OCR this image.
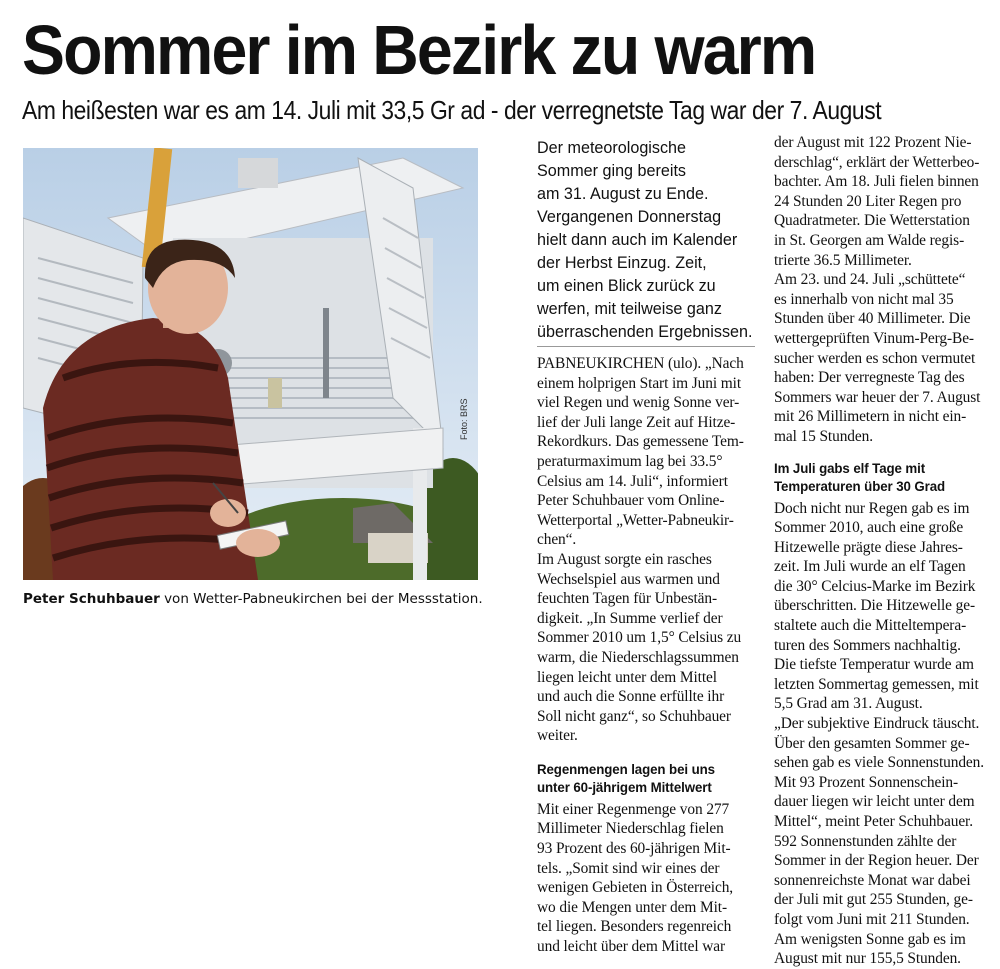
Sommer im Bezirk zu warm
Am heißesten war es am 14. Juli mit 33,5 Gr ad - der verregnetste Tag war der 7. August
Foto: BRS
Peter Schuhbauer von Wetter-Pabneukirchen bei der Messstation.

Der meteorologische

Sommer ging bereits

am 31. August zu Ende.

Vergangenen Donnerstag

hielt dann auch im Kalender

der Herbst Einzug. Zeit,

um einen Blick zurück zu

werfen, mit teilweise ganz

überraschenden Ergebnissen.

PABNEUKIRCHEN (ulo). „Nach

einem holprigen Start im Juni mit

viel Regen und wenig Sonne ver-

lief der Juli lange Zeit auf Hitze-

Rekordkurs. Das gemessene Tem-

peraturmaximum lag bei 33.5°

Celsius am 14. Juli“, informiert

Peter Schuhbauer vom Online-

Wetterportal „Wetter-Pabneukir-

chen“.

Im August sorgte ein rasches

Wechselspiel aus warmen und

feuchten Tagen für Unbestän-

digkeit. „In Summe verlief der

Sommer 2010 um 1,5° Celsius zu

warm, die Niederschlagssummen

liegen leicht unter dem Mittel

und auch die Sonne erfüllte ihr

Soll nicht ganz“, so Schuhbauer

weiter.

Regenmengen lagen bei uns

unter 60-jährigem Mittelwert

Mit einer Regenmenge von 277

Millimeter Niederschlag fielen

93 Prozent des 60-jährigen Mit-

tels. „Somit sind wir eines der

wenigen Gebieten in Österreich,

wo die Mengen unter dem Mit-

tel liegen. Besonders regenreich

und leicht über dem Mittel war

der August mit 122 Prozent Nie-

derschlag“, erklärt der Wetterbeo-

bachter. Am 18. Juli fielen binnen

24 Stunden 20 Liter Regen pro

Quadratmeter. Die Wetterstation

in St. Georgen am Walde regis-

trierte 36.5 Millimeter.

Am 23. und 24. Juli „schüttete“

es innerhalb von nicht mal 35

Stunden über 40 Millimeter. Die

wettergeprüften Vinum-Perg-Be-

sucher werden es schon vermutet

haben: Der verregneste Tag des

Sommers war heuer der 7. August

mit 26 Millimetern in nicht ein-

mal 15 Stunden.

Im Juli gabs elf Tage mit

Temperaturen über 30 Grad

Doch nicht nur Regen gab es im

Sommer 2010, auch eine große

Hitzewelle prägte diese Jahres-

zeit. Im Juli wurde an elf Tagen

die 30° Celcius-Marke im Bezirk

überschritten. Die Hitzewelle ge-

staltete auch die Mitteltempera-

turen des Sommers nachhaltig.

Die tiefste Temperatur wurde am

letzten Sommertag gemessen, mit

5,5 Grad am 31. August.

„Der subjektive Eindruck täuscht.

Über den gesamten Sommer ge-

sehen gab es viele Sonnenstunden.

Mit 93 Prozent Sonnenschein-

dauer liegen wir leicht unter dem

Mittel“, meint Peter Schuhbauer.

592 Sonnenstunden zählte der

Sommer in der Region heuer. Der

sonnenreichste Monat war dabei

der Juli mit gut 255 Stunden, ge-

folgt vom Juni mit 211 Stunden.

Am wenigsten Sonne gab es im

August mit nur 155,5 Stunden.
